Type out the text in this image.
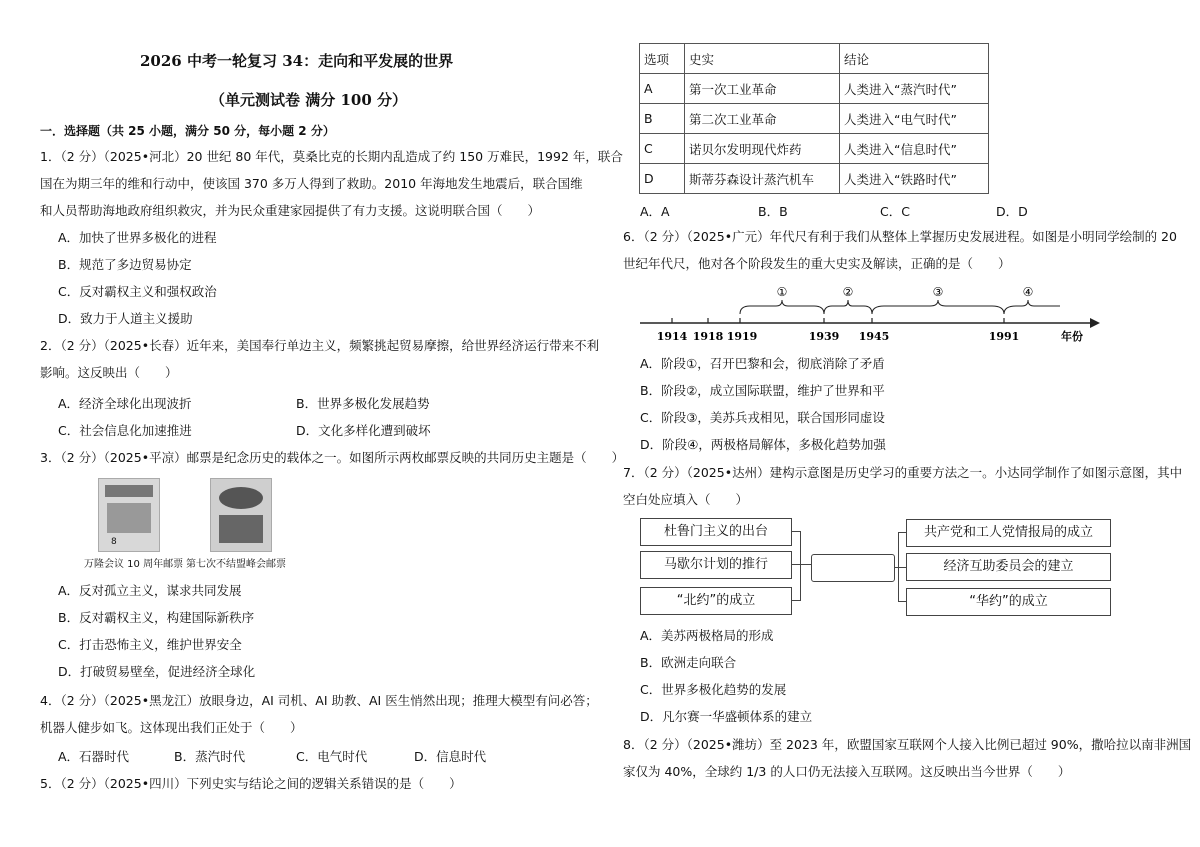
2026 中考一轮复习 34：走向和平发展的世界
（单元测试卷 满分 100 分）
一．选择题（共 25 小题，满分 50 分，每小题 2 分）
1．（2 分）（2025•河北）20 世纪 80 年代，莫桑比克的长期内乱造成了约 150 万难民，1992 年，联合
国在为期三年的维和行动中，使该国 370 多万人得到了救助。2010 年海地发生地震后，联合国维
和人员帮助海地政府组织救灾，并为民众重建家园提供了有力支援。这说明联合国（　　）
A．加快了世界多极化的进程
B．规范了多边贸易协定
C．反对霸权主义和强权政治
D．致力于人道主义援助
2．（2 分）（2025•长春）近年来，美国奉行单边主义，频繁挑起贸易摩擦，给世界经济运行带来不利
影响。这反映出（　　）
A．经济全球化出现波折	B．世界多极化发展趋势
C．社会信息化加速推进	D．文化多样化遭到破坏
3．（2 分）（2025•平凉）邮票是纪念历史的载体之一。如图所示两枚邮票反映的共同历史主题是（　　）
8
万隆会议 10 周年邮票 第七次不结盟峰会邮票
A．反对孤立主义，谋求共同发展
B．反对霸权主义，构建国际新秩序
C．打击恐怖主义，维护世界安全
D．打破贸易壁垒，促进经济全球化
4．（2 分）（2025•黑龙江）放眼身边，AI 司机、AI 助教、AI 医生悄然出现；推理大模型有问必答；
机器人健步如飞。这体现出我们正处于（　　）
A．石器时代	B．蒸汽时代	C．电气时代	D．信息时代
5．（2 分）（2025•四川）下列史实与结论之间的逻辑关系错误的是（　　）
选项	史实	结论
A	第一次工业革命	人类进入“蒸汽时代”
B	第二次工业革命	人类进入“电气时代”
C	诺贝尔发明现代炸药	人类进入“信息时代”
D	斯蒂芬森设计蒸汽机车	人类进入“铁路时代”
A．A	B．B	C．C	D．D
6．（2 分）（2025•广元）年代尺有利于我们从整体上掌握历史发展进程。如图是小明同学绘制的 20
世纪年代尺，他对各个阶段发生的重大史实及解读，正确的是（　　）
①	②	③	④
1914 1918 1919	1939 1945	1991	年份
A．阶段①，召开巴黎和会，彻底消除了矛盾
B．阶段②，成立国际联盟，维护了世界和平
C．阶段③，美苏兵戎相见，联合国形同虚设
D．阶段④，两极格局解体，多极化趋势加强
7．（2 分）（2025•达州）建构示意图是历史学习的重要方法之一。小达同学制作了如图示意图，其中
空白处应填入（　　）
杜鲁门主义的出台
马歇尔计划的推行
“北约”的成立
共产党和工人党情报局的成立
经济互助委员会的建立
“华约”的成立
A．美苏两极格局的形成
B．欧洲走向联合
C．世界多极化趋势的发展
D．凡尔赛一华盛顿体系的建立
8．（2 分）（2025•潍坊）至 2023 年，欧盟国家互联网个人接入比例已超过 90%，撒哈拉以南非洲国
家仅为 40%，全球约 1/3 的人口仍无法接入互联网。这反映出当今世界（　　）
